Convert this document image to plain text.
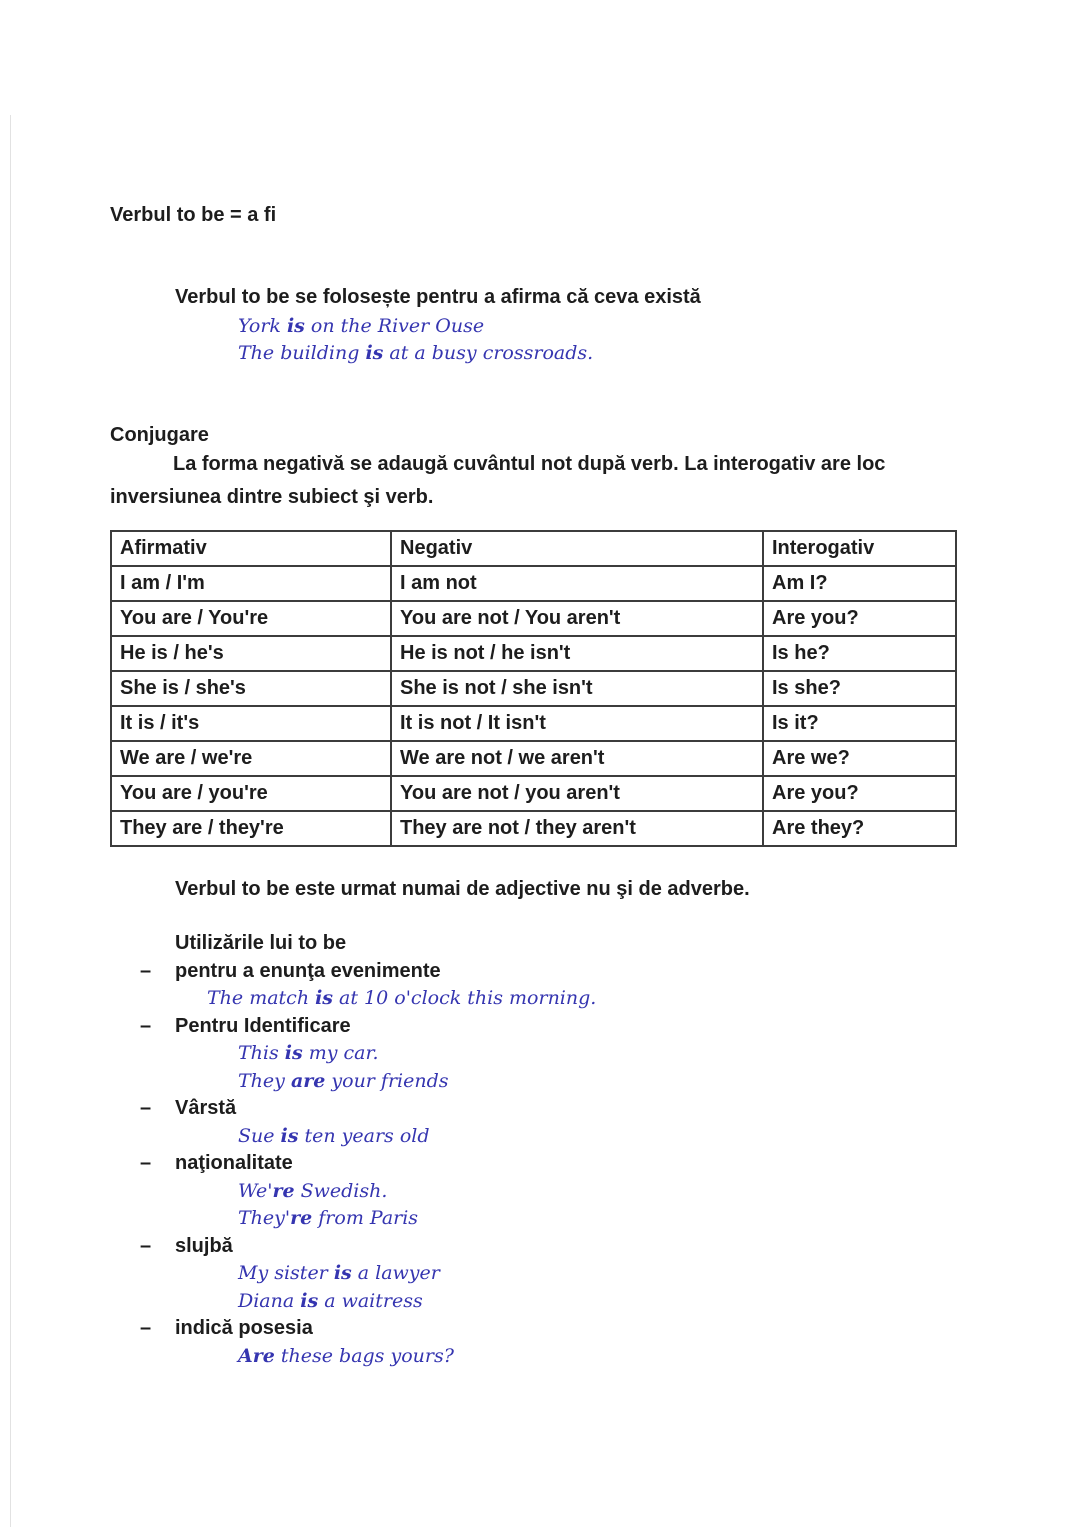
Verbul to be = a fi

Verbul to be se folosește pentru a afirma că ceva există

York is on the River Ouse

The building is at a busy crossroads.

Conjugare

La forma negativă se adaugă cuvântul not după verb. La interogativ are loc inversiunea dintre subiect şi verb.

Afirmativ	Negativ	Interogativ
I am / I'm	I am not	Am I?
You are / You're	You are not / You aren't	Are you?
He is / he's	He is not / he isn't	Is he?
She is / she's	She is not / she isn't	Is she?
It is / it's	It is not / It isn't	Is it?
We are / we're	We are not / we aren't	Are we?
You are / you're	You are not / you aren't	Are you?
They are / they're	They are not / they aren't	Are they?

Verbul to be este urmat numai de adjective nu şi de adverbe.

Utilizările lui to be

– pentru a enunţa evenimente

The match is at 10 o'clock this morning.

– Pentru Identificare

This is my car.

They are your friends

– Vârstă

Sue is ten years old

– naţionalitate

We're Swedish.

They're from Paris

– slujbă

My sister is a lawyer

Diana is a waitress

– indică posesia

Are these bags yours?
